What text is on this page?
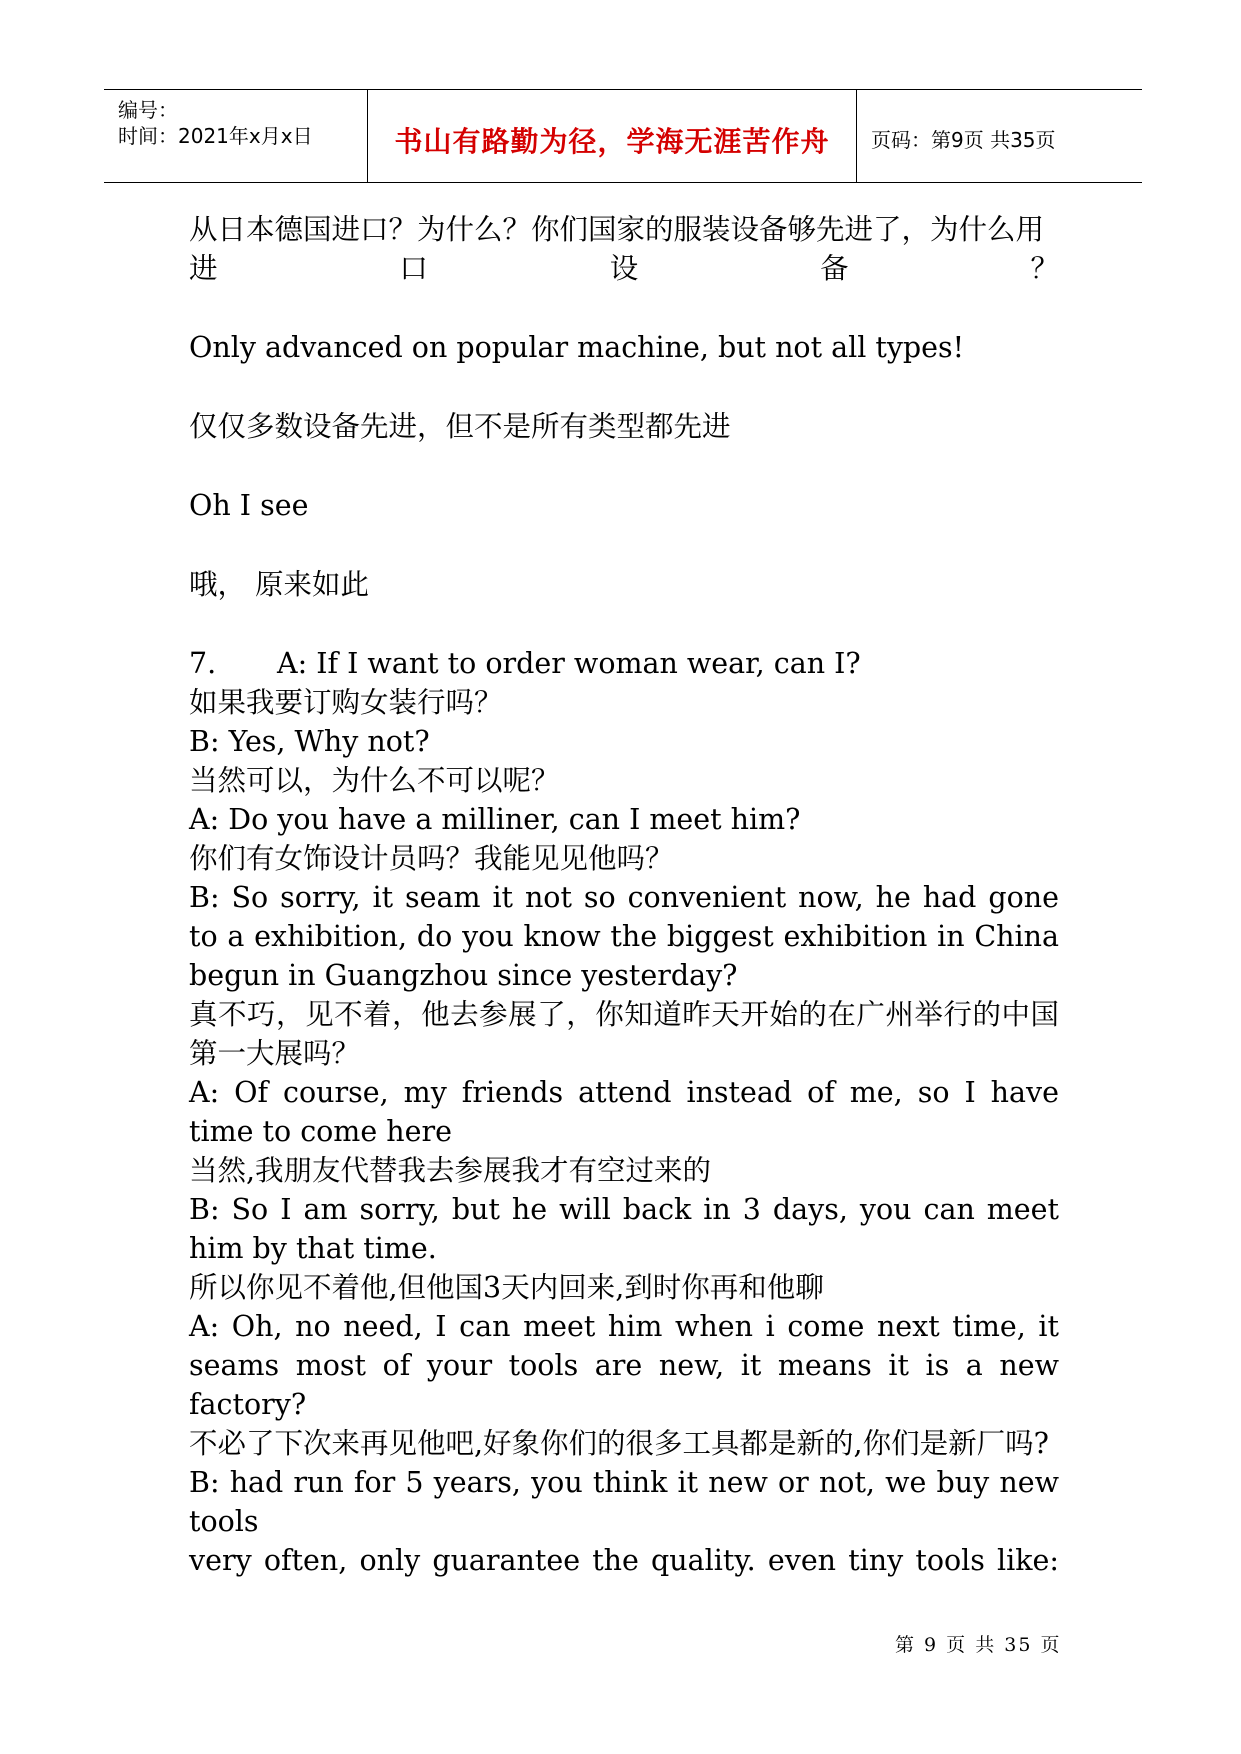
编号：
时间：2021年x月x日	书山有路勤为径，学海无涯苦作舟	页码：第9页 共35页

从日本德国进口？为什么？你们国家的服装设备够先进了，为什么用进口设备？

Only advanced on popular machine, but not all types!

仅仅多数设备先进，但不是所有类型都先进

Oh I see

哦， 原来如此

7. A: If I want to order woman wear, can I?

如果我要订购女装行吗？

B: Yes, Why not?

当然可以，为什么不可以呢？

A: Do you have a milliner, can I meet him?

你们有女饰设计员吗？我能见见他吗？

B: So sorry, it seam it not so convenient now, he had gone to a exhibition, do you know the biggest exhibition in China begun in Guangzhou since yesterday?

真不巧，见不着，他去参展了，你知道昨天开始的在广州举行的中国第一大展吗？

A: Of course, my friends attend instead of me, so I have time to come here

当然,我朋友代替我去参展我才有空过来的

B: So I am sorry, but he will back in 3 days, you can meet him by that time.

所以你见不着他,但他国3天内回来,到时你再和他聊

A: Oh, no need, I can meet him when i come next time, it seams most of your tools are new, it means it is a new factory?

不必了下次来再见他吧,好象你们的很多工具都是新的,你们是新厂吗?

B: had run for 5 years, you think it new or not, we buy new tools

very often, only guarantee the quality. even tiny tools like:

第 9 页 共 35 页
